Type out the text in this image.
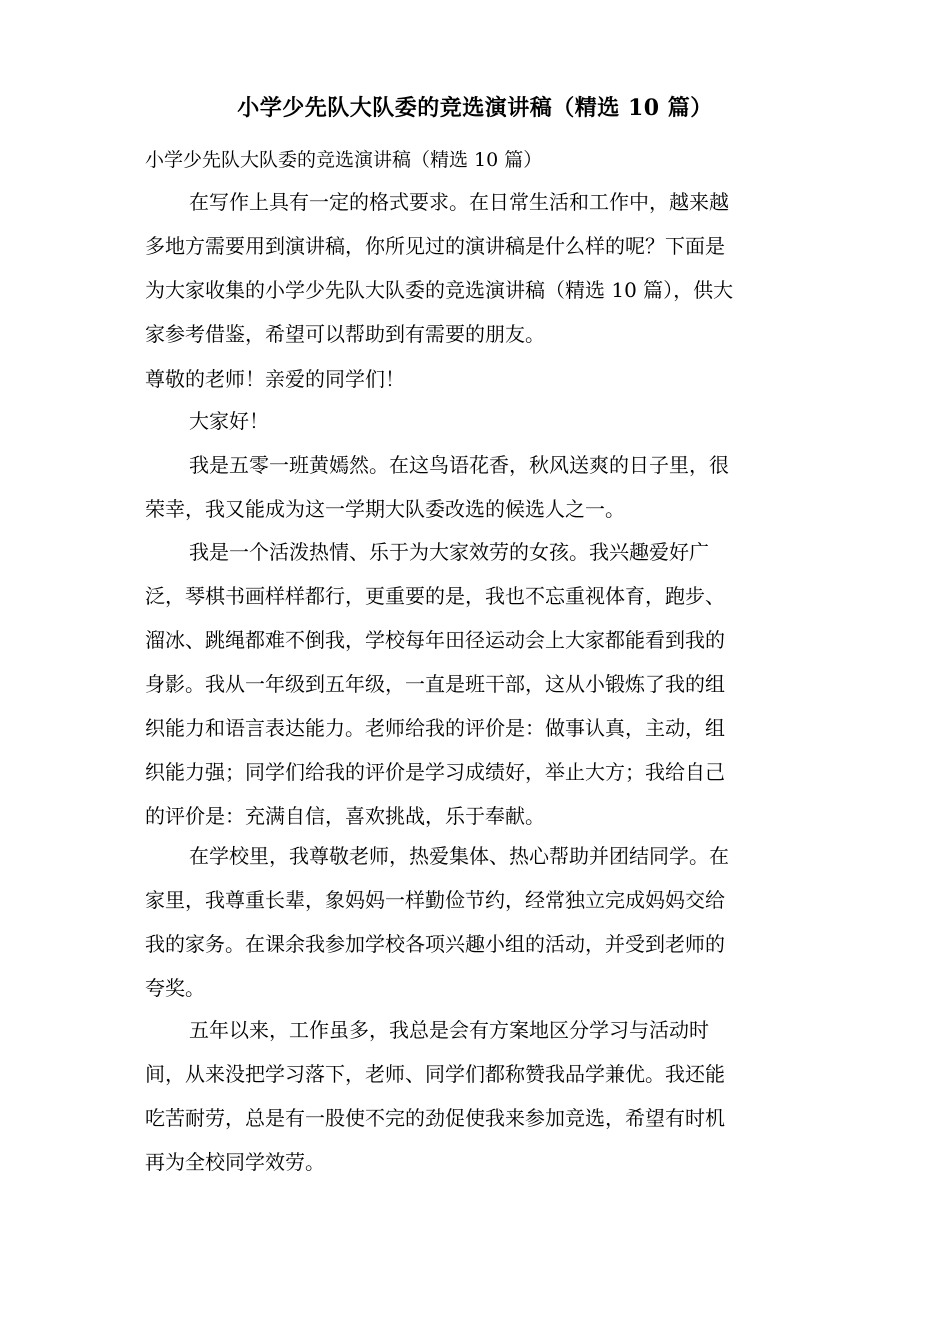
小学少先队大队委的竞选演讲稿（精选 10 篇）
小学少先队大队委的竞选演讲稿（精选 10 篇）
在写作上具有一定的格式要求。在日常生活和工作中，越来越
多地方需要用到演讲稿，你所见过的演讲稿是什么样的呢？下面是
为大家收集的小学少先队大队委的竞选演讲稿（精选 10 篇），供大
家参考借鉴，希望可以帮助到有需要的朋友。
尊敬的老师！亲爱的同学们！
大家好！
我是五零一班黄嫣然。在这鸟语花香，秋风送爽的日子里，很
荣幸，我又能成为这一学期大队委改选的候选人之一。
我是一个活泼热情、乐于为大家效劳的女孩。我兴趣爱好广
泛，琴棋书画样样都行，更重要的是，我也不忘重视体育，跑步、
溜冰、跳绳都难不倒我，学校每年田径运动会上大家都能看到我的
身影。我从一年级到五年级，一直是班干部，这从小锻炼了我的组
织能力和语言表达能力。老师给我的评价是：做事认真，主动，组
织能力强；同学们给我的评价是学习成绩好，举止大方；我给自己
的评价是：充满自信，喜欢挑战，乐于奉献。
在学校里，我尊敬老师，热爱集体、热心帮助并团结同学。在
家里，我尊重长辈，象妈妈一样勤俭节约，经常独立完成妈妈交给
我的家务。在课余我参加学校各项兴趣小组的活动，并受到老师的
夸奖。
五年以来，工作虽多，我总是会有方案地区分学习与活动时
间，从来没把学习落下，老师、同学们都称赞我品学兼优。我还能
吃苦耐劳，总是有一股使不完的劲促使我来参加竞选，希望有时机
再为全校同学效劳。
